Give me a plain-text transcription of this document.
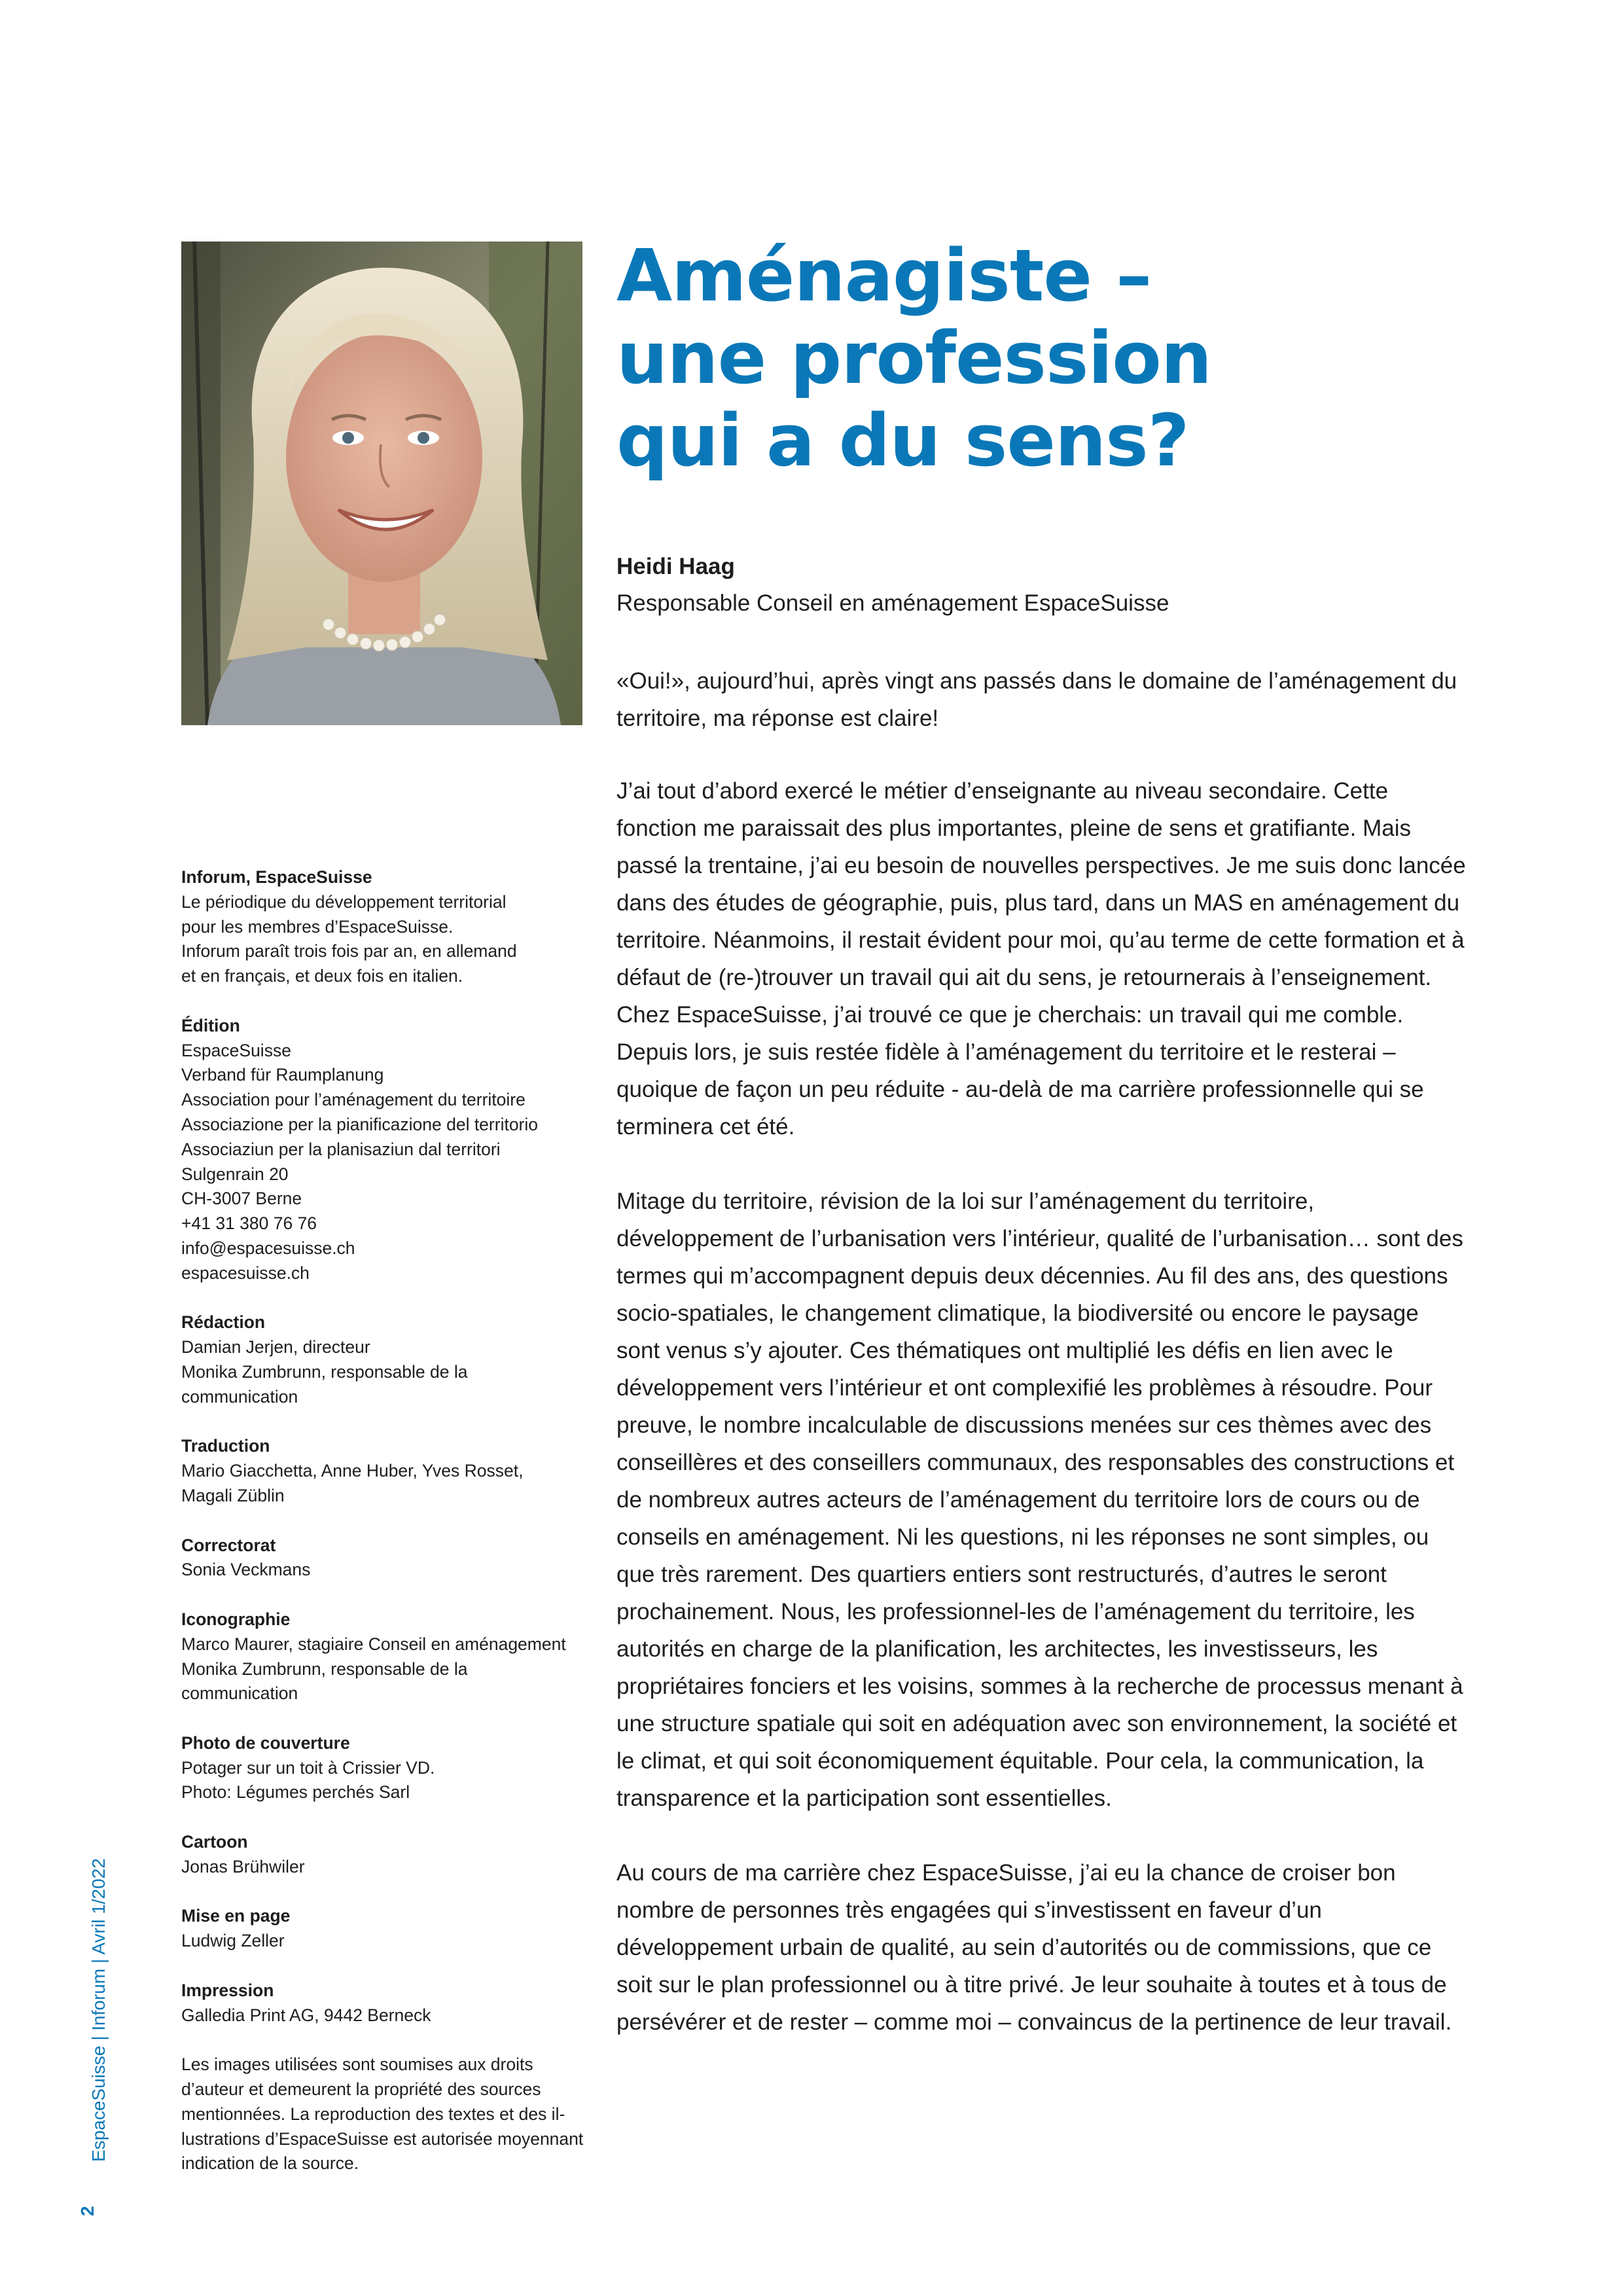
Aménagiste –
une profession
qui a du sens?
Heidi Haag
Responsable Conseil en aménagement EspaceSuisse
«Oui!», aujourd’hui, après vingt ans passés dans le domaine de l’aménagement du territoire, ma réponse est claire!

J’ai tout d’abord exercé le métier d’enseignante au niveau secondaire. Cette fonction me paraissait des plus importantes, pleine de sens et gratifiante. Mais passé la trentaine, j’ai eu besoin de nouvelles perspectives. Je me suis donc lancée dans des études de géographie, puis, plus tard, dans un MAS en aménagement du territoire. Néanmoins, il restait évident pour moi, qu’au terme de cette formation et à défaut de (re-)trouver un travail qui ait du sens, je retournerais à l’enseignement. Chez EspaceSuisse, j’ai trouvé ce que je cherchais: un travail qui me comble. Depuis lors, je suis restée fidèle à l’aménagement du territoire et le resterai – quoique de façon un peu réduite - au-delà de ma carrière professionnelle qui se terminera cet été.

Mitage du territoire, révision de la loi sur l’aménagement du territoire, développement de l’urbanisation vers l’intérieur, qualité de l’urbanisation… sont des termes qui m’accompagnent depuis deux décennies. Au fil des ans, des questions socio-spatiales, le changement climatique, la biodiversité ou encore le paysage sont venus s’y ajouter. Ces thématiques ont multiplié les défis en lien avec le développement vers l’intérieur et ont complexifié les problèmes à résoudre. Pour preuve, le nombre incalculable de discussions menées sur ces thèmes avec des conseillères et des conseillers communaux, des responsables des constructions et de nombreux autres acteurs de l’aménagement du territoire lors de cours ou de conseils en aménagement. Ni les questions, ni les réponses ne sont simples, ou que très rarement. Des quartiers entiers sont restructurés, d’autres le seront prochainement. Nous, les professionnel-les de l’aménagement du territoire, les autorités en charge de la planification, les architectes, les investisseurs, les propriétaires fonciers et les voisins, sommes à la recherche de processus menant à une structure spatiale qui soit en adéquation avec son environnement, la société et le climat, et qui soit économiquement équitable. Pour cela, la communication, la transparence et la participation sont essentielles.

Au cours de ma carrière chez EspaceSuisse, j’ai eu la chance de croiser bon nombre de personnes très engagées qui s’investissent en faveur d’un développement urbain de qualité, au sein d’autorités ou de commissions, que ce soit sur le plan professionnel ou à titre privé. Je leur souhaite à toutes et à tous de persévérer et de rester – comme moi – convaincus de la pertinence de leur travail.

Inforum, EspaceSuisse
Le périodique du développement territorial
pour les membres d’EspaceSuisse.
Inforum paraît trois fois par an, en allemand
et en français, et deux fois en italien.
Édition
EspaceSuisse
Verband für Raumplanung
Association pour l’aménagement du territoire
Associazione per la pianificazione del territorio
Associaziun per la planisaziun dal territori
Sulgenrain 20
CH-3007 Berne
+41 31 380 76 76
info@espacesuisse.ch
espacesuisse.ch
Rédaction
Damian Jerjen, directeur
Monika Zumbrunn, responsable de la
communication
Traduction
Mario Giacchetta, Anne Huber, Yves Rosset,
Magali Züblin
Correctorat
Sonia Veckmans
Iconographie
Marco Maurer, stagiaire Conseil en aménagement
Monika Zumbrunn, responsable de la
communication
Photo de couverture
Potager sur un toit à Crissier VD.
Photo: Légumes perchés Sarl
Cartoon
Jonas Brühwiler
Mise en page
Ludwig Zeller
Impression
Galledia Print AG, 9442 Berneck
Les images utilisées sont soumises aux droits
d’auteur et demeurent la propriété des sources
mentionnées. La reproduction des textes et des il-
lustrations d’EspaceSuisse est autorisée moyennant
indication de la source.
EspaceSuisse | Inforum | Avril 1/2022
2
